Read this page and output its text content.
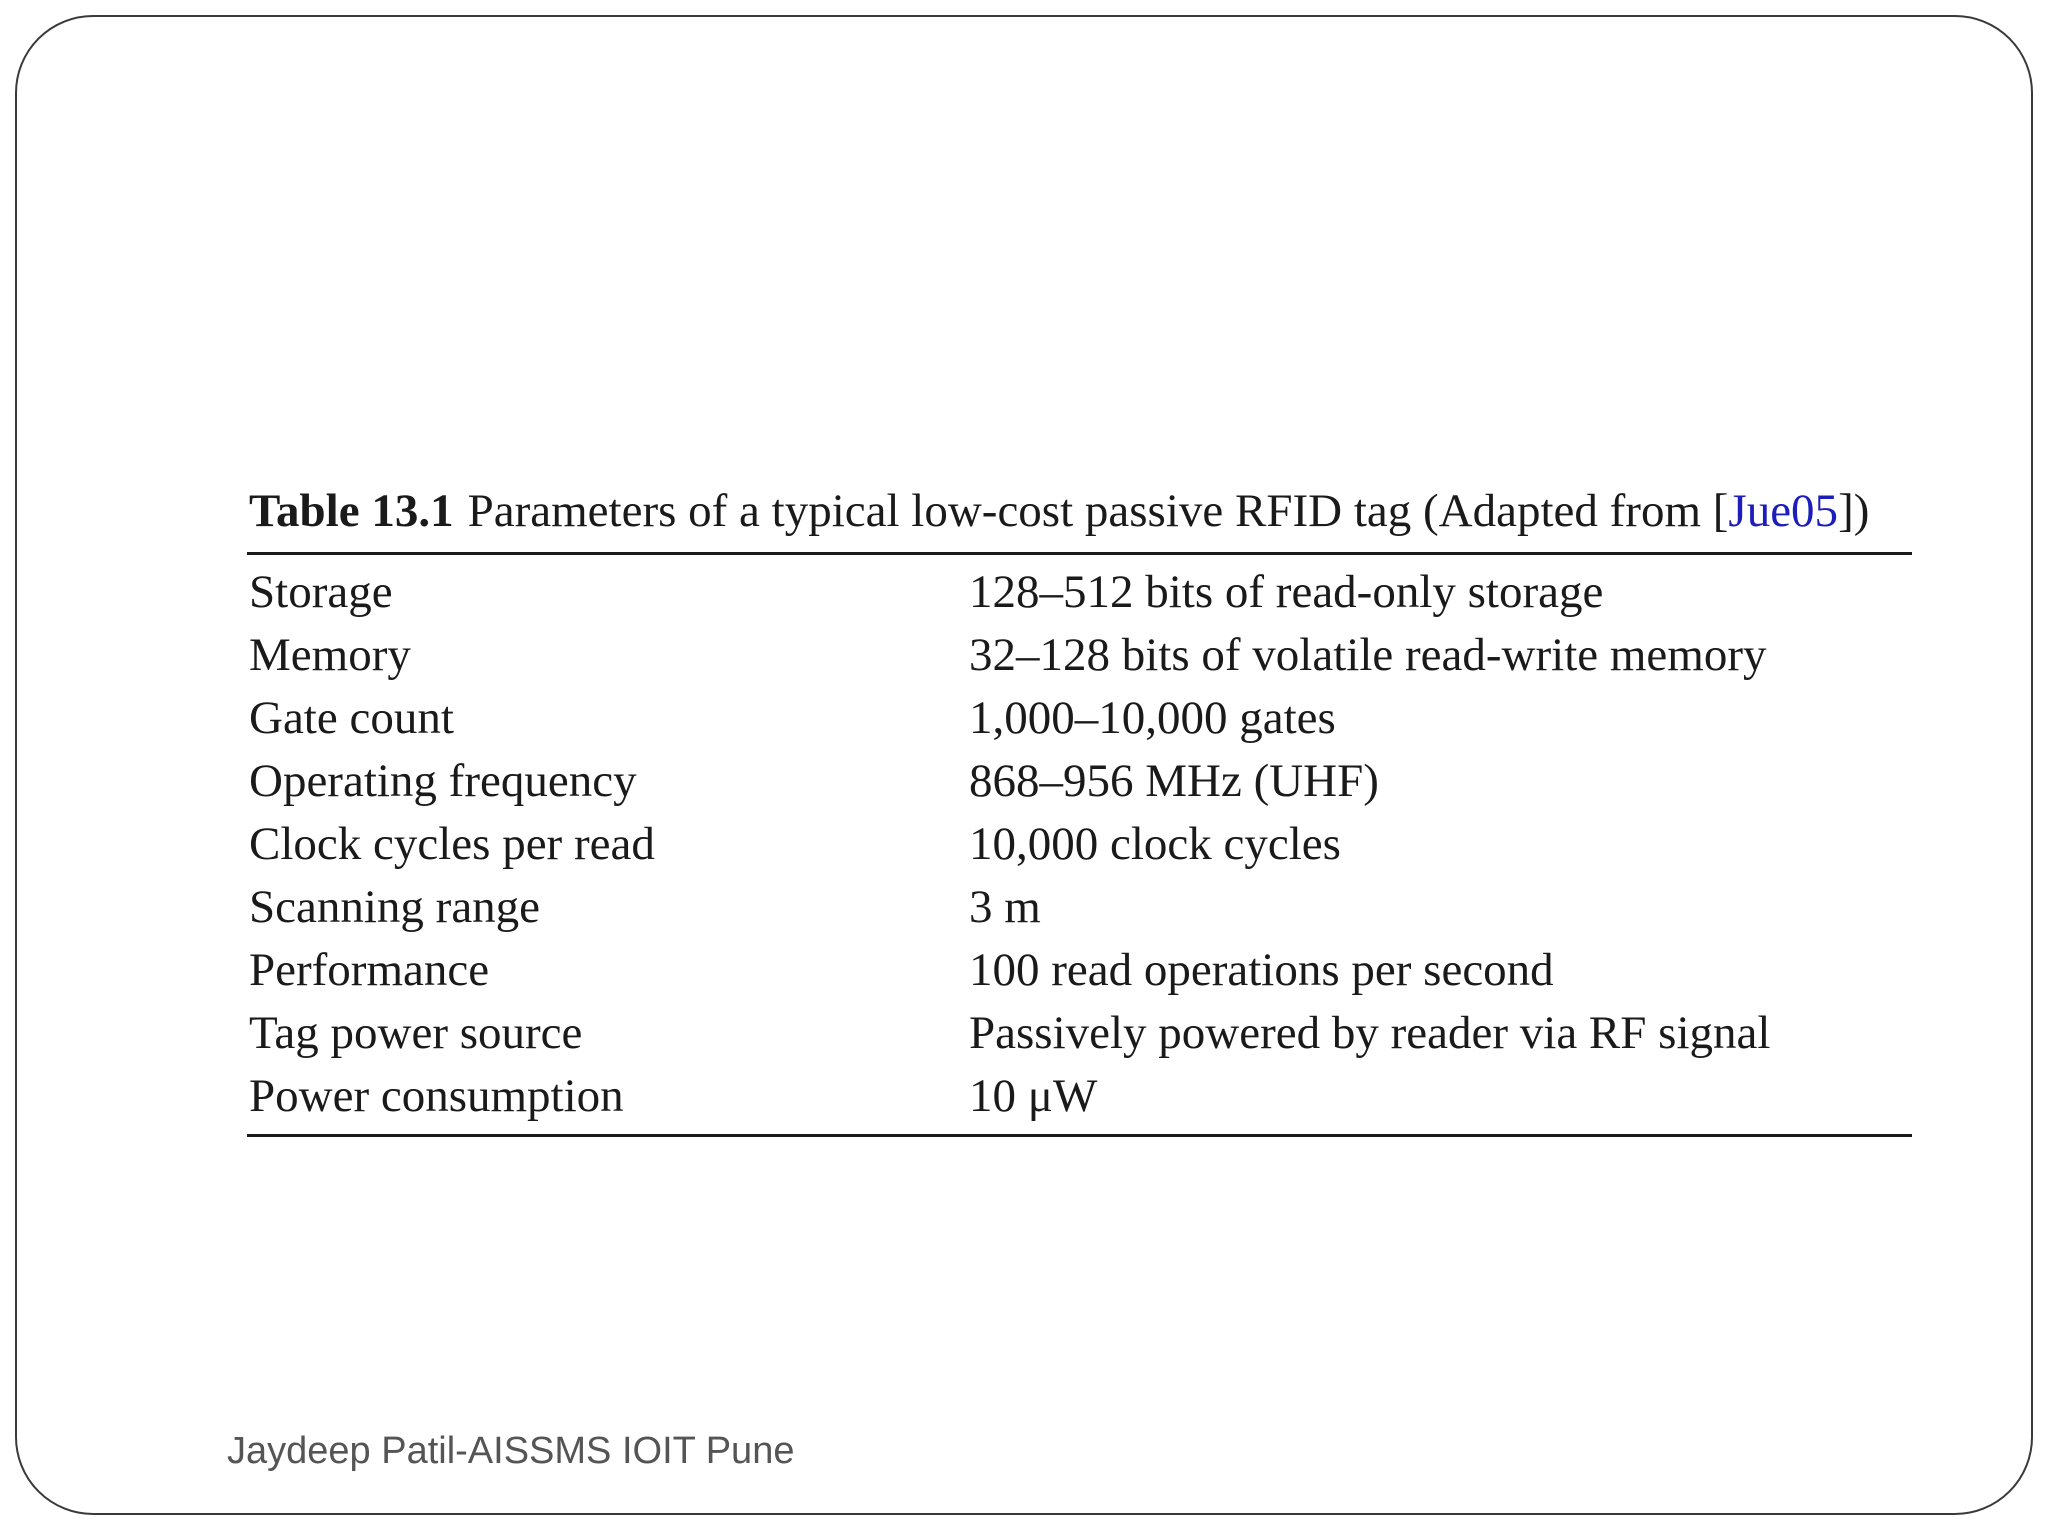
Table 13.1 Parameters of a typical low-cost passive RFID tag (Adapted from [Jue05])

Storage	128–512 bits of read-only storage
Memory	32–128 bits of volatile read-write memory
Gate count	1,000–10,000 gates
Operating frequency	868–956 MHz (UHF)
Clock cycles per read	10,000 clock cycles
Scanning range	3 m
Performance	100 read operations per second
Tag power source	Passively powered by reader via RF signal
Power consumption	10 μW
Jaydeep Patil-AISSMS IOIT Pune
